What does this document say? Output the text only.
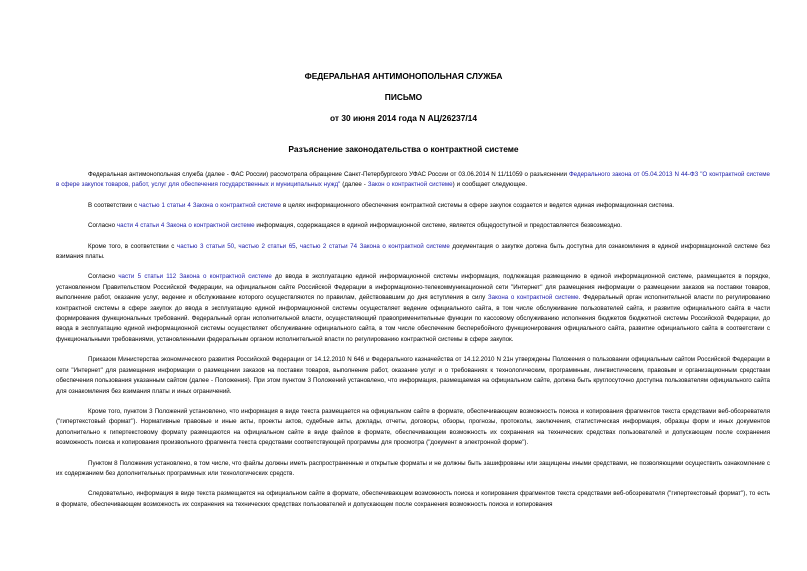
ФЕДЕРАЛЬНАЯ АНТИМОНОПОЛЬНАЯ СЛУЖБА
ПИСЬМО
от 30 июня 2014 года N АЦ/26237/14
Разъяснение законодательства о контрактной системе

Федеральная антимонопольная служба (далее - ФАС России) рассмотрела обращение Санкт-Петербургского УФАС России от 03.06.2014 N 11/11059 о разъяснении Федерального закона от 05.04.2013 N 44-ФЗ "О контрактной системе в сфере закупок товаров, работ, услуг для обеспечения государственных и муниципальных нужд" (далее - Закон о контрактной системе) и сообщает следующее.

В соответствии с частью 1 статьи 4 Закона о контрактной системе в целях информационного обеспечения контрактной системы в сфере закупок создается и ведется единая информационная система.

Согласно части 4 статьи 4 Закона о контрактной системе информация, содержащаяся в единой информационной системе, является общедоступной и предоставляется безвозмездно.

Кроме того, в соответствии с частью 3 статьи 50, частью 2 статьи 65, частью 2 статьи 74 Закона о контрактной системе документация о закупке должна быть доступна для ознакомления в единой информационной системе без взимания платы.

Согласно части 5 статьи 112 Закона о контрактной системе до ввода в эксплуатацию единой информационной системы информация, подлежащая размещению в единой информационной системе, размещается в порядке, установленном Правительством Российской Федерации, на официальном сайте Российской Федерации в информационно-телекоммуникационной сети "Интернет" для размещения информации о размещении заказов на поставки товаров, выполнение работ, оказание услуг, ведение и обслуживание которого осуществляются по правилам, действовавшим до дня вступления в силу Закона о контрактной системе. Федеральный орган исполнительной власти по регулированию контрактной системы в сфере закупок до ввода в эксплуатацию единой информационной системы осуществляет ведение официального сайта, в том числе обслуживание пользователей сайта, и развитие официального сайта в части формирования функциональных требований. Федеральный орган исполнительной власти, осуществляющий правоприменительные функции по кассовому обслуживанию исполнения бюджетов бюджетной системы Российской Федерации, до ввода в эксплуатацию единой информационной системы осуществляет обслуживание официального сайта, в том числе обеспечение бесперебойного функционирования официального сайта, развитие официального сайта в соответствии с функциональными требованиями, установленными федеральным органом исполнительной власти по регулированию контрактной системы в сфере закупок.

Приказом Министерства экономического развития Российской Федерации от 14.12.2010 N 646 и Федерального казначейства от 14.12.2010 N 21н утверждены Положения о пользовании официальным сайтом Российской Федерации в сети "Интернет" для размещения информации о размещении заказов на поставки товаров, выполнение работ, оказание услуг и о требованиях к технологическим, программным, лингвистическим, правовым и организационным средствам обеспечения пользования указанным сайтом (далее - Положения). При этом пунктом 3 Положений установлено, что информация, размещаемая на официальном сайте, должна быть круглосуточно доступна пользователям официального сайта для ознакомления без взимания платы и иных ограничений.

Кроме того, пунктом 3 Положений установлено, что информация в виде текста размещается на официальном сайте в формате, обеспечивающем возможность поиска и копирования фрагментов текста средствами веб-обозревателя ("гипертекстовый формат"). Нормативные правовые и иные акты, проекты актов, судебные акты, доклады, отчеты, договоры, обзоры, прогнозы, протоколы, заключения, статистическая информация, образцы форм и иных документов дополнительно к гипертекстовому формату размещаются на официальном сайте в виде файлов в формате, обеспечивающем возможность их сохранения на технических средствах пользователей и допускающем после сохранения возможность поиска и копирования произвольного фрагмента текста средствами соответствующей программы для просмотра ("документ в электронной форме").

Пунктом 8 Положения установлено, в том числе, что файлы должны иметь распространенные и открытые форматы и не должны быть зашифрованы или защищены иными средствами, не позволяющими осуществить ознакомление с их содержанием без дополнительных программных или технологических средств.

Следовательно, информация в виде текста размещается на официальном сайте в формате, обеспечивающем возможность поиска и копирования фрагментов текста средствами веб-обозревателя ("гипертекстовый формат"), то есть в формате, обеспечивающем возможность их сохранения на технических средствах пользователей и допускающем после сохранения возможность поиска и копирования
